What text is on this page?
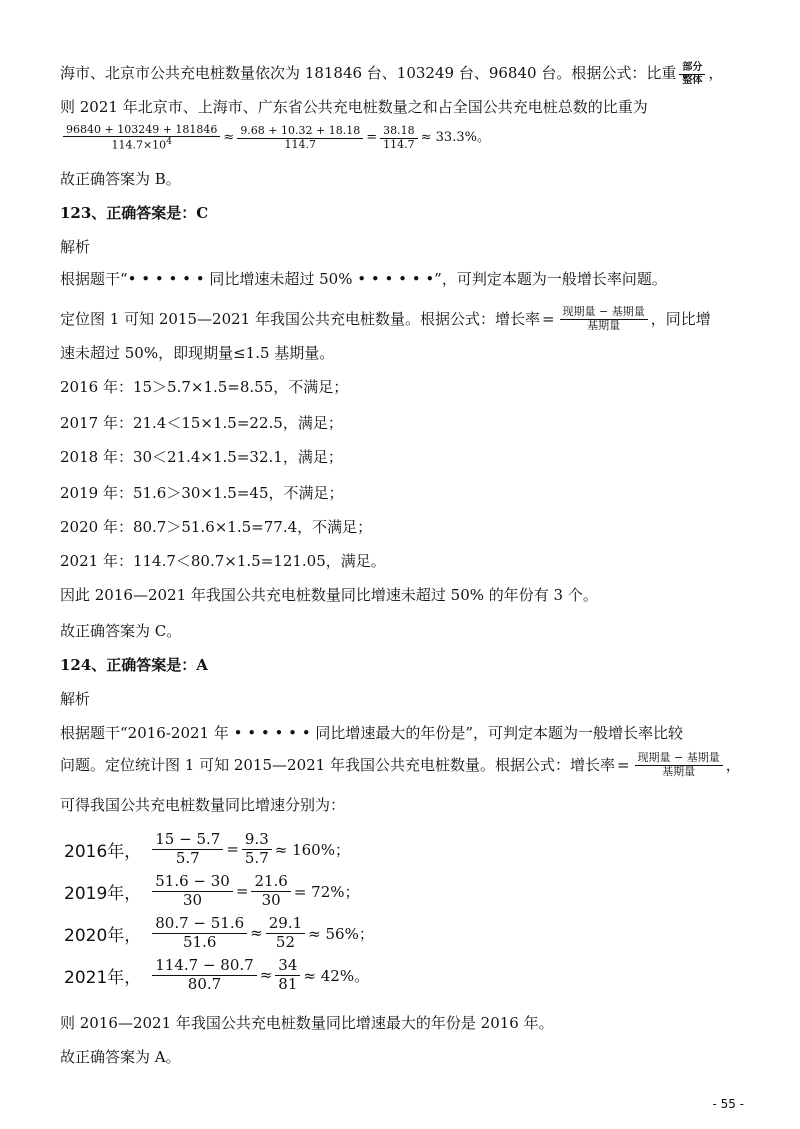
海市、北京市公共充电桩数量依次为 181846 台、103249 台、96840 台。根据公式：比重 $\frac{\text{部分}}{\text{整体}}$ ，
则 2021 年北京市、上海市、广东省公共充电桩数量之和占全国公共充电桩总数的比重为
$\frac{96840 + 103249 + 181846}{114.7\times 10^4} \approx \frac{9.68 + 10.32 + 18.18}{114.7} = \frac{38.18}{114.7} \approx 33.3\%$。
故正确答案为 B。
123、正确答案是：C
解析
根据题干“• • • • • • 同比增速未超过 50% • • • • • •”，可判定本题为一般增长率问题。
定位图 1 可知 2015—2021 年我国公共充电桩数量。根据公式：增长率 = $\frac{\text{现期量 − 基期量}}{\text{基期量}}$ ，同比增
速未超过 50%，即现期量≤1.5 基期量。
2016 年：15＞5.7×1.5=8.55，不满足；
2017 年：21.4＜15×1.5=22.5，满足；
2018 年：30＜21.4×1.5=32.1，满足；
2019 年：51.6＞30×1.5=45，不满足；
2020 年：80.7＞51.6×1.5=77.4，不满足；
2021 年：114.7＜80.7×1.5=121.05，满足。
因此 2016—2021 年我国公共充电桩数量同比增速未超过 50% 的年份有 3 个。
故正确答案为 C。
124、正确答案是：A
解析
根据题干“2016-2021 年 • • • • • • 同比增速最大的年份是”，可判定本题为一般增长率比较
问题。定位统计图 1 可知 2015—2021 年我国公共充电桩数量。根据公式：增长率 = $\frac{\text{现期量 − 基期量}}{\text{基期量}}$ ，
可得我国公共充电桩数量同比增速分别为：
2016年， $\frac{15 - 5.7}{5.7} = \frac{9.3}{5.7} \approx 160\%$；
2019年， $\frac{51.6 - 30}{30} = \frac{21.6}{30} = 72\%$；
2020年， $\frac{80.7 - 51.6}{51.6} \approx \frac{29.1}{52} \approx 56\%$；
2021年， $\frac{114.7 - 80.7}{80.7} \approx \frac{34}{81} \approx 42\%$。
则 2016—2021 年我国公共充电桩数量同比增速最大的年份是 2016 年。
故正确答案为 A。
- 55 -
